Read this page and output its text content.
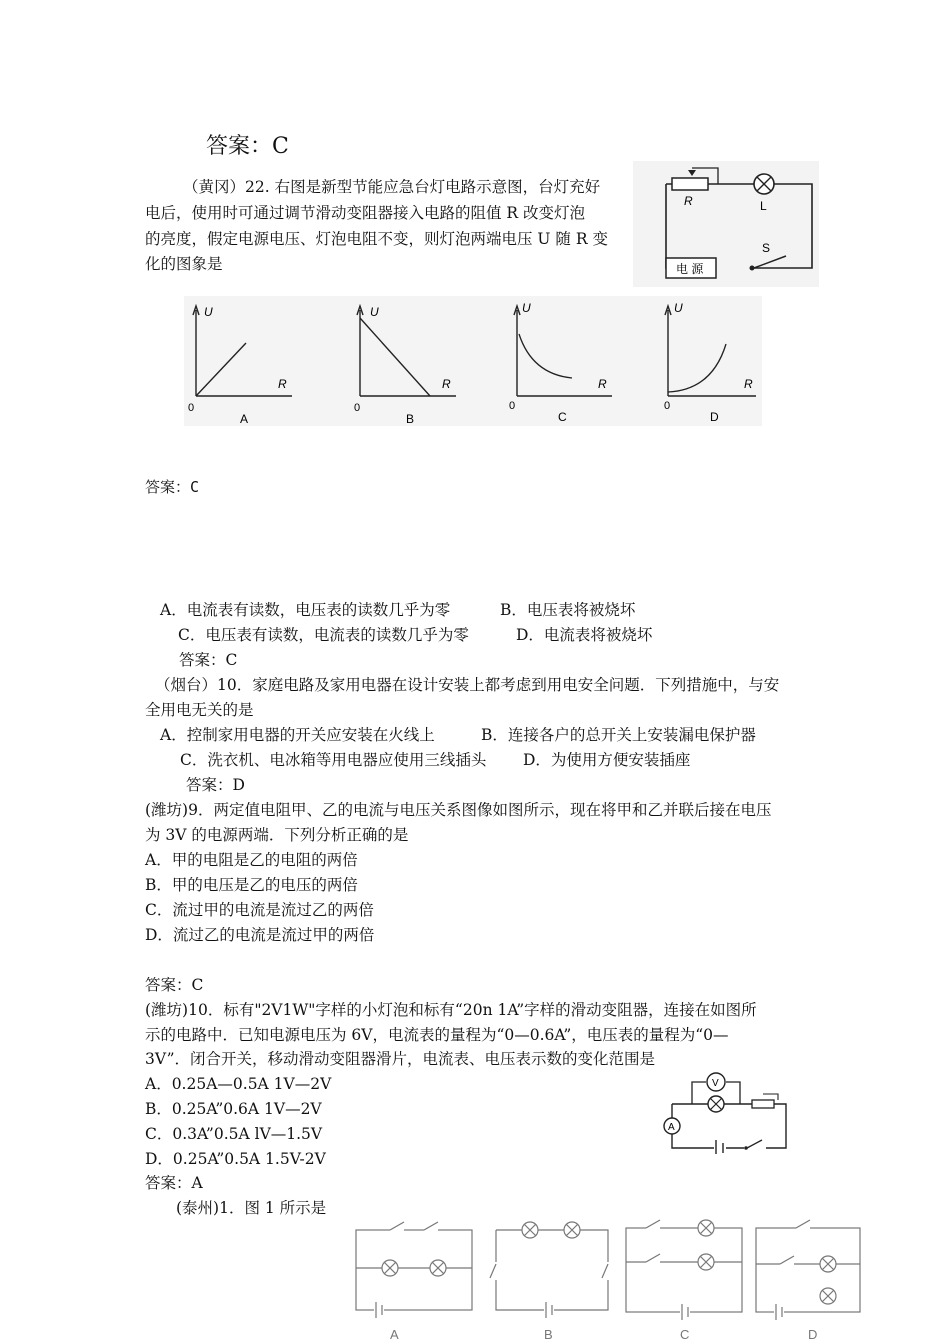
答案：C
（黄冈）22. 右图是新型节能应急台灯电路示意图，台灯充好
电后，使用时可通过调节滑动变阻器接入电路的阻值 R 改变灯泡
的亮度，假定电源电压、灯泡电阻不变，则灯泡两端电压 U 随 R 变
化的图象是
R	L
S
电 源
U
R
0
A
U
R
0
B
U
R
0
C
U
R
0
D
答案：C
A．电流表有读数，电压表的读数几乎为零	B．电压表将被烧坏
C．电压表有读数，电流表的读数几乎为零	D．电流表将被烧坏
答案：C
（烟台）10．家庭电路及家用电器在设计安装上都考虑到用电安全问题．下列措施中，与安
全用电无关的是
A．控制家用电器的开关应安装在火线上	B．连接各户的总开关上安装漏电保护器
C．洗衣机、电冰箱等用电器应使用三线插头 D．为使用方便安装插座
答案：D
(潍坊)9．两定值电阻甲、乙的电流与电压关系图像如图所示，现在将甲和乙并联后接在电压
为 3V 的电源两端．下列分析正确的是
A．甲的电阻是乙的电阻的两倍
B．甲的电压是乙的电压的两倍
C．流过甲的电流是流过乙的两倍
D．流过乙的电流是流过甲的两倍
答案：C
(潍坊)10．标有"2V1W"字样的小灯泡和标有“20n 1A”字样的滑动变阻器，连接在如图所
示的电路中．已知电源电压为 6V，电流表的量程为“0—0.6A”，电压表的量程为“0—
3V”．闭合开关，移动滑动变阻器滑片，电流表、电压表示数的变化范围是
A．0.25A—0.5A 1V—2V
B．0.25A”0.6A 1V—2V
C．0.3A”0.5A lV—1.5V
D．0.25A”0.5A 1.5V-2V
答案：A
V
A
(泰州)1．图 1 所示是
A	B	C	D
